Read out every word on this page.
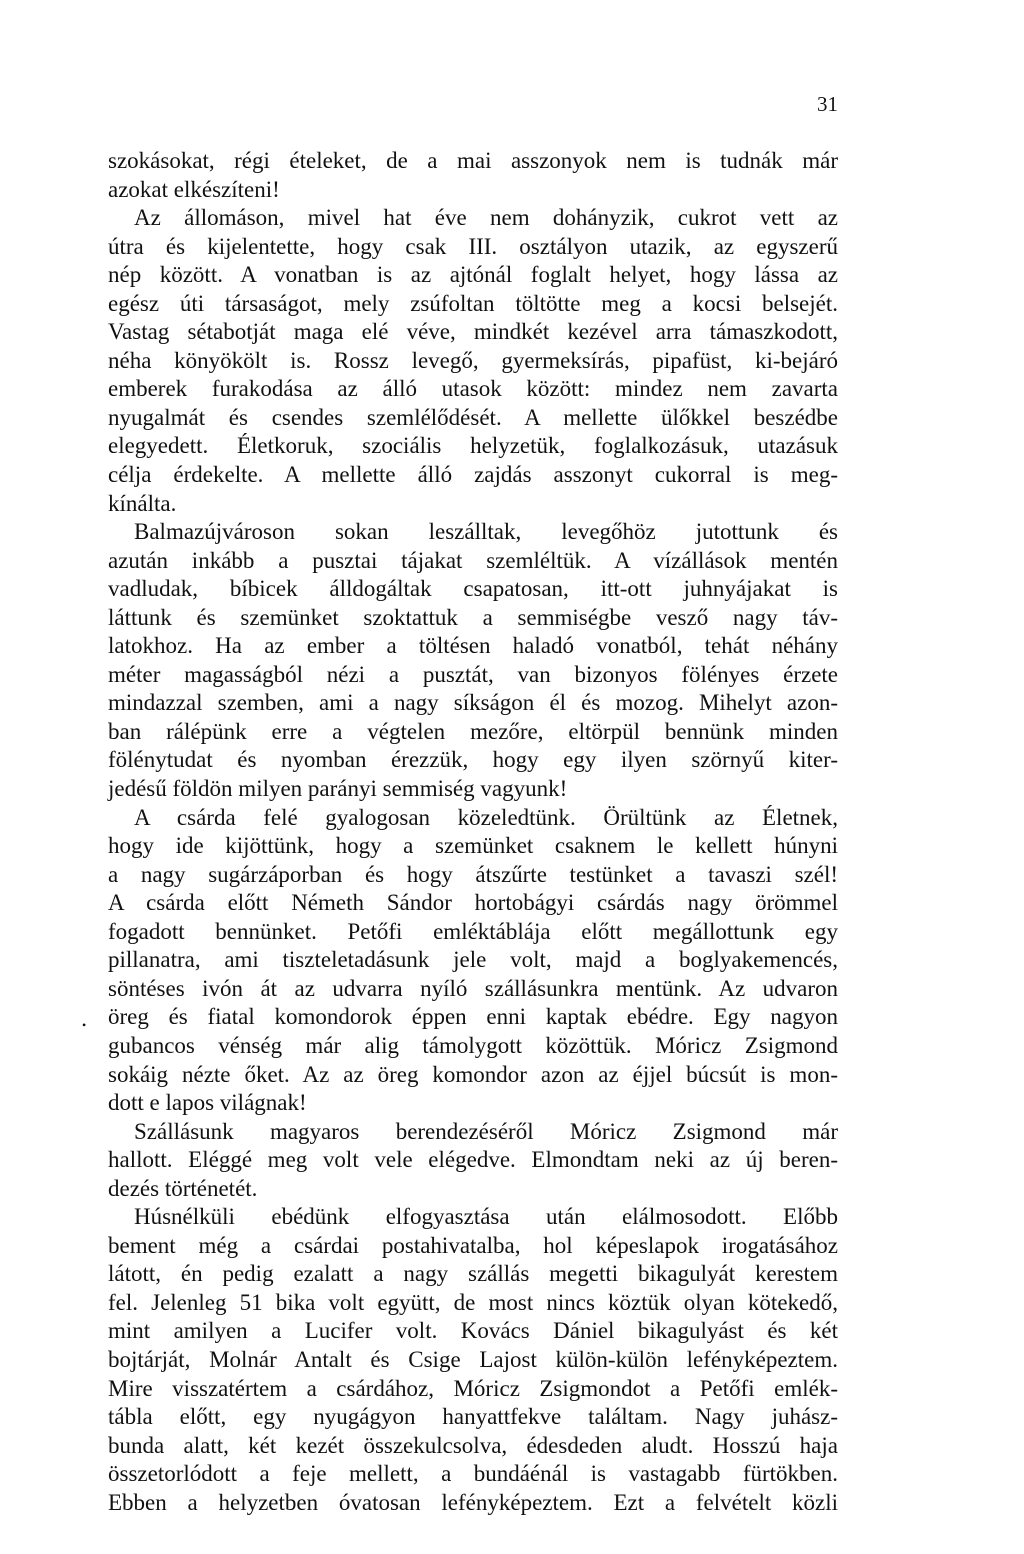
31
•
szokásokat, régi ételeket, de a mai asszonyok nem is tudnák már
azokat elkészíteni!
Az állomáson, mivel hat éve nem dohányzik, cukrot vett az
útra és kijelentette, hogy csak III. osztályon utazik, az egyszerű
nép között. A vonatban is az ajtónál foglalt helyet, hogy lássa az
egész úti társaságot, mely zsúfoltan töltötte meg a kocsi belsejét.
Vastag sétabotját maga elé véve, mindkét kezével arra támaszkodott,
néha könyökölt is. Rossz levegő, gyermeksírás, pipafüst, ki-bejáró
emberek furakodása az álló utasok között: mindez nem zavarta
nyugalmát és csendes szemlélődését. A mellette ülőkkel beszédbe
elegyedett. Életkoruk, szociális helyzetük, foglalkozásuk, utazásuk
célja érdekelte. A mellette álló zajdás asszonyt cukorral is meg-
kínálta.
Balmazújvároson sokan leszálltak, levegőhöz jutottunk és
azután inkább a pusztai tájakat szemléltük. A vízállások mentén
vadludak, bíbicek álldogáltak csapatosan, itt-ott juhnyájakat is
láttunk és szemünket szoktattuk a semmiségbe vesző nagy táv-
latokhoz. Ha az ember a töltésen haladó vonatból, tehát néhány
méter magasságból nézi a pusztát, van bizonyos fölényes érzete
mindazzal szemben, ami a nagy síkságon él és mozog. Mihelyt azon-
ban rálépünk erre a végtelen mezőre, eltörpül bennünk minden
fölénytudat és nyomban érezzük, hogy egy ilyen szörnyű kiter-
jedésű földön milyen parányi semmiség vagyunk!
A csárda felé gyalogosan közeledtünk. Örültünk az Életnek,
hogy ide kijöttünk, hogy a szemünket csaknem le kellett húnyni
a nagy sugárzáporban és hogy átszűrte testünket a tavaszi szél!
A csárda előtt Németh Sándor hortobágyi csárdás nagy örömmel
fogadott bennünket. Petőfi emléktáblája előtt megállottunk egy
pillanatra, ami tiszteletadásunk jele volt, majd a boglyakemencés,
söntéses ivón át az udvarra nyíló szállásunkra mentünk. Az udvaron
öreg és fiatal komondorok éppen enni kaptak ebédre. Egy nagyon
gubancos vénség már alig támolygott közöttük. Móricz Zsigmond
sokáig nézte őket. Az az öreg komondor azon az éjjel búcsút is mon-
dott e lapos világnak!
Szállásunk magyaros berendezéséről Móricz Zsigmond már
hallott. Eléggé meg volt vele elégedve. Elmondtam neki az új beren-
dezés történetét.
Húsnélküli ebédünk elfogyasztása után elálmosodott. Előbb
bement még a csárdai postahivatalba, hol képeslapok irogatásához
látott, én pedig ezalatt a nagy szállás megetti bikagulyát kerestem
fel. Jelenleg 51 bika volt együtt, de most nincs köztük olyan kötekedő,
mint amilyen a Lucifer volt. Kovács Dániel bikagulyást és két
bojtárját, Molnár Antalt és Csige Lajost külön-külön lefényképeztem.
Mire visszatértem a csárdához, Móricz Zsigmondot a Petőfi emlék-
tábla előtt, egy nyugágyon hanyattfekve találtam. Nagy juhász-
bunda alatt, két kezét összekulcsolva, édesdeden aludt. Hosszú haja
összetorlódott a feje mellett, a bundáénál is vastagabb fürtökben.
Ebben a helyzetben óvatosan lefényképeztem. Ezt a felvételt közli
